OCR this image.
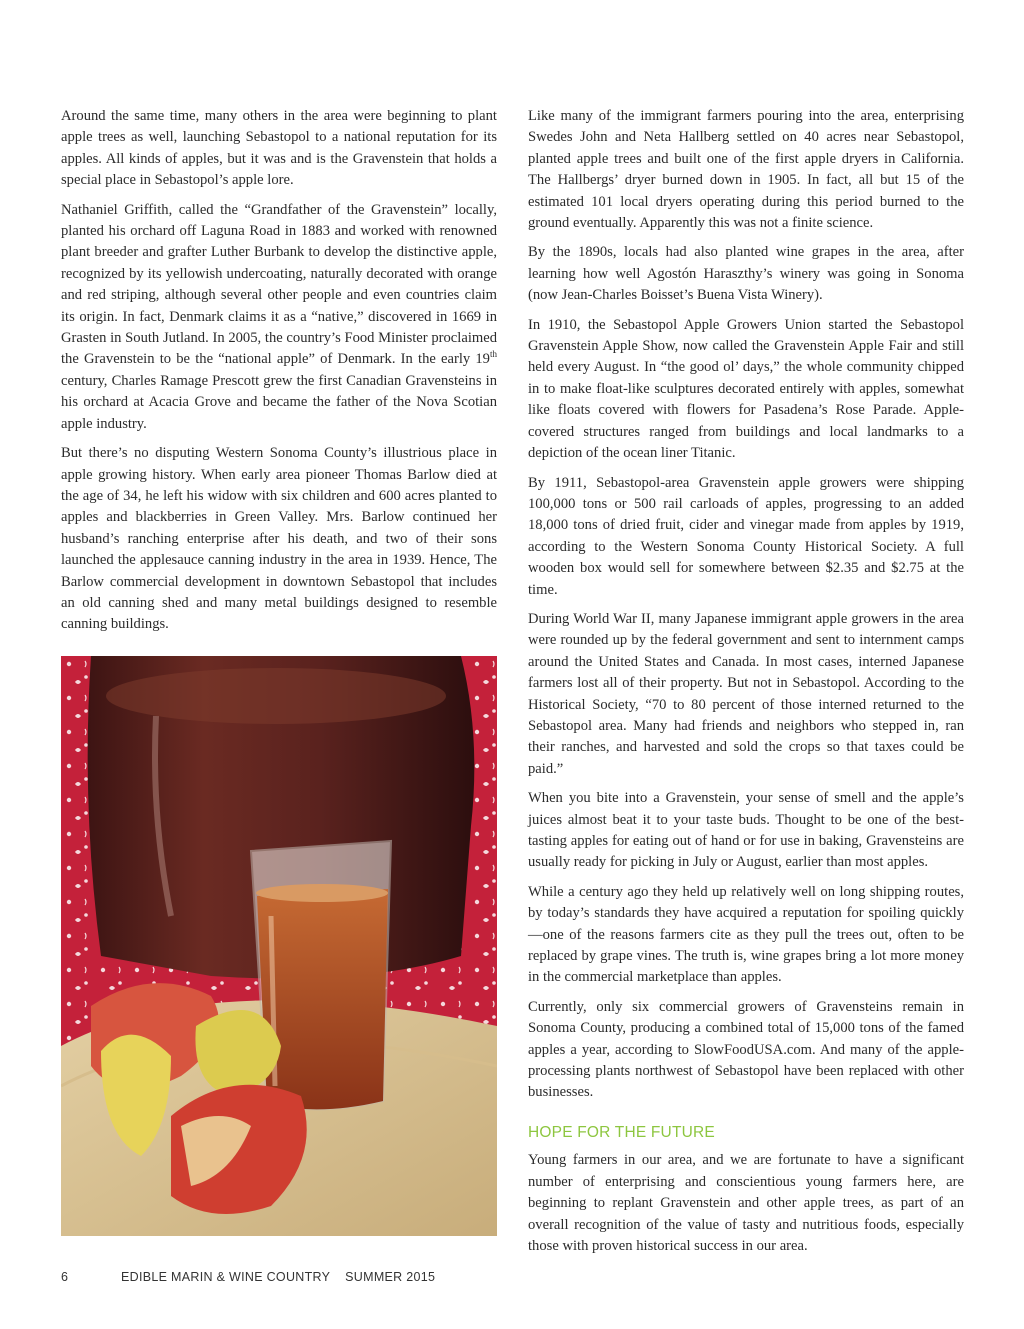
Around the same time, many others in the area were beginning to plant apple trees as well, launching Sebastopol to a national reputation for its apples. All kinds of apples, but it was and is the Gravenstein that holds a special place in Sebastopol’s apple lore.

Nathaniel Griffith, called the “Grandfather of the Gravenstein” locally, planted his orchard off Laguna Road in 1883 and worked with renowned plant breeder and grafter Luther Burbank to develop the distinctive apple, recognized by its yellowish undercoating, naturally decorated with orange and red striping, although several other people and even countries claim its origin. In fact, Denmark claims it as a “native,” discovered in 1669 in Grasten in South Jutland. In 2005, the country’s Food Minister proclaimed the Gravenstein to be the “national apple” of Denmark. In the early 19th century, Charles Ramage Prescott grew the first Canadian Gravensteins in his orchard at Acacia Grove and became the father of the Nova Scotian apple industry.

But there’s no disputing Western Sonoma County’s illustrious place in apple growing history. When early area pioneer Thomas Barlow died at the age of 34, he left his widow with six children and 600 acres planted to apples and blackberries in Green Valley. Mrs. Barlow continued her husband’s ranching enterprise after his death, and two of their sons launched the applesauce canning industry in the area in 1939. Hence, The Barlow commercial development in downtown Sebastopol that includes an old canning shed and many metal buildings designed to resemble canning buildings.

Like many of the immigrant farmers pouring into the area, enterprising Swedes John and Neta Hallberg settled on 40 acres near Sebastopol, planted apple trees and built one of the first apple dryers in California. The Hallbergs’ dryer burned down in 1905. In fact, all but 15 of the estimated 101 local dryers operating during this period burned to the ground eventually. Apparently this was not a finite science.

By the 1890s, locals had also planted wine grapes in the area, after learning how well Agostón Haraszthy’s winery was going in Sonoma (now Jean-Charles Boisset’s Buena Vista Winery).

In 1910, the Sebastopol Apple Growers Union started the Sebastopol Gravenstein Apple Show, now called the Gravenstein Apple Fair and still held every August. In “the good ol’ days,” the whole community chipped in to make float-like sculptures decorated entirely with apples, somewhat like floats covered with flowers for Pasadena’s Rose Parade. Apple-covered structures ranged from buildings and local landmarks to a depiction of the ocean liner Titanic.

By 1911, Sebastopol-area Gravenstein apple growers were shipping 100,000 tons or 500 rail carloads of apples, progressing to an added 18,000 tons of dried fruit, cider and vinegar made from apples by 1919, according to the Western Sonoma County Historical Society. A full wooden box would sell for somewhere between $2.35 and $2.75 at the time.

During World War II, many Japanese immigrant apple growers in the area were rounded up by the federal government and sent to internment camps around the United States and Canada. In most cases, interned Japanese farmers lost all of their property. But not in Sebastopol. According to the Historical Society, “70 to 80 percent of those interned returned to the Sebastopol area. Many had friends and neighbors who stepped in, ran their ranches, and harvested and sold the crops so that taxes could be paid.”

When you bite into a Gravenstein, your sense of smell and the apple’s juices almost beat it to your taste buds. Thought to be one of the best-tasting apples for eating out of hand or for use in baking, Gravensteins are usually ready for picking in July or August, earlier than most apples.

While a century ago they held up relatively well on long shipping routes, by today’s standards they have acquired a reputation for spoiling quickly—one of the reasons farmers cite as they pull the trees out, often to be replaced by grape vines. The truth is, wine grapes bring a lot more money in the commercial marketplace than apples.

Currently, only six commercial growers of Gravensteins remain in Sonoma County, producing a combined total of 15,000 tons of the famed apples a year, according to SlowFoodUSA.com. And many of the apple-processing plants northwest of Sebastopol have been replaced with other businesses.

HOPE FOR THE FUTURE

Young farmers in our area, and we are fortunate to have a significant number of enterprising and conscientious young farmers here, are beginning to replant Gravenstein and other apple trees, as part of an overall recognition of the value of tasty and nutritious foods, especially those with proven historical success in our area.

6	EDIBLE MARIN & WINE COUNTRY    SUMMER 2015
